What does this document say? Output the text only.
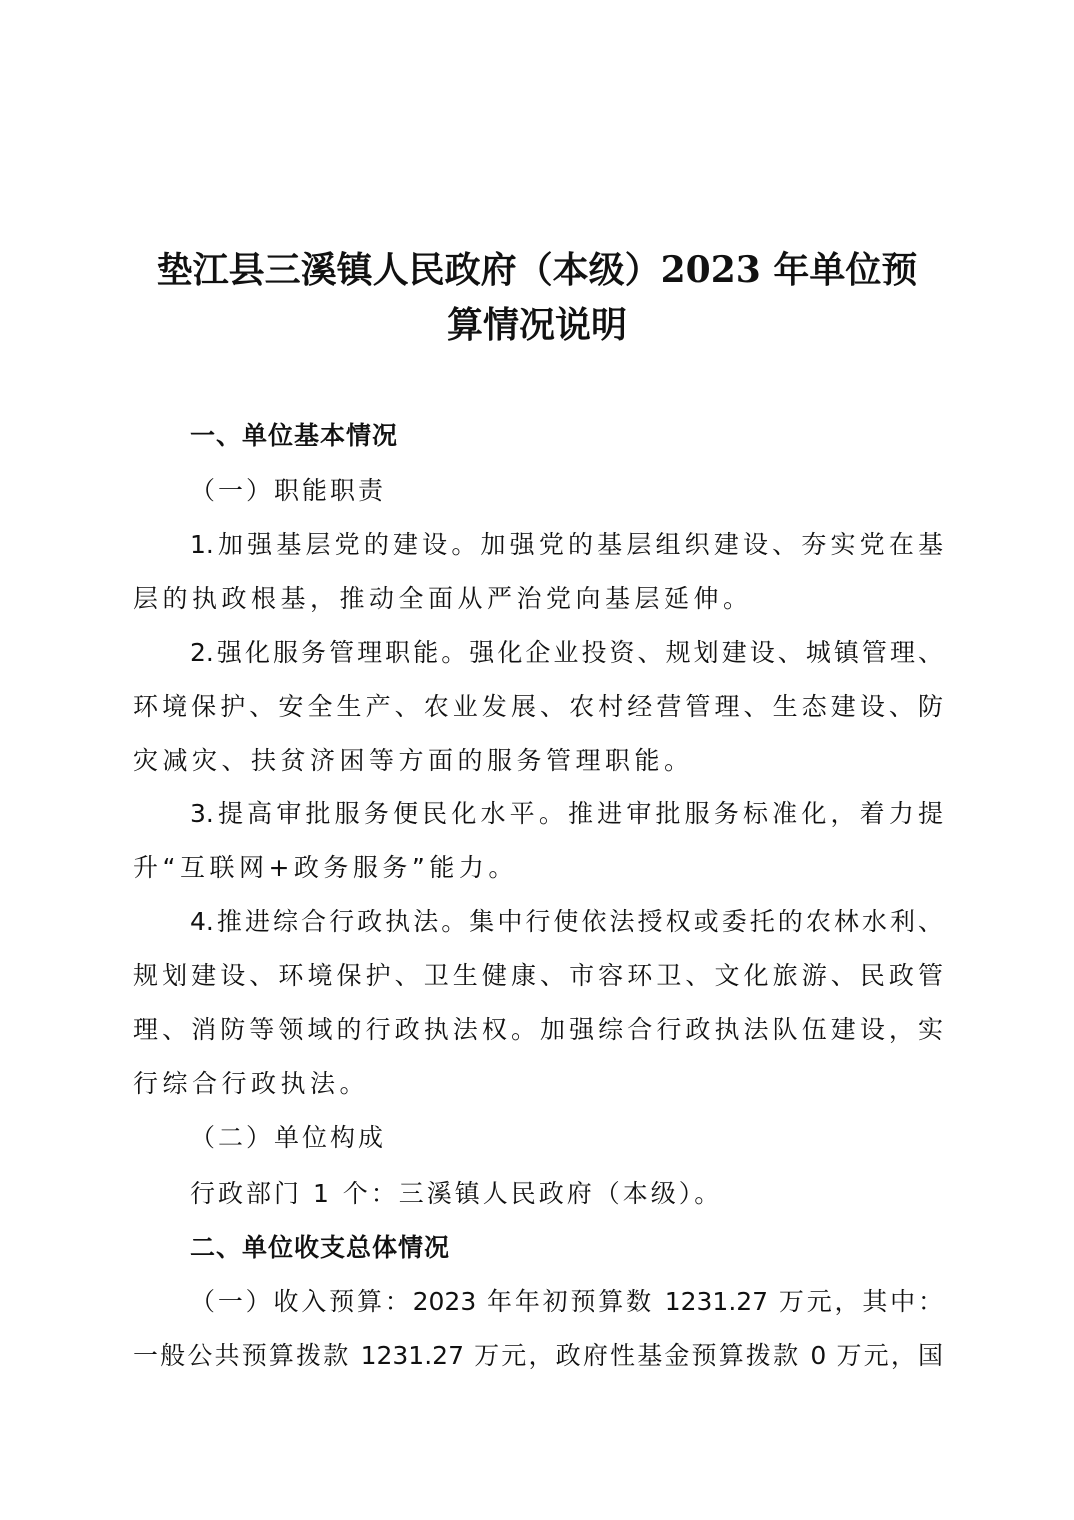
垫江县三溪镇人民政府（本级）2023 年单位预
算情况说明

一、单位基本情况

（一）职能职责

1.加强基层党的建设。加强党的基层组织建设、夯实党在基

层的执政根基，推动全面从严治党向基层延伸。

2.强化服务管理职能。强化企业投资、规划建设、城镇管理、

环境保护、安全生产、农业发展、农村经营管理、生态建设、防

灾减灾、扶贫济困等方面的服务管理职能。

3.提高审批服务便民化水平。推进审批服务标准化，着力提

升“互联网+政务服务”能力。

4.推进综合行政执法。集中行使依法授权或委托的农林水利、

规划建设、环境保护、卫生健康、市容环卫、文化旅游、民政管

理、消防等领域的行政执法权。加强综合行政执法队伍建设，实

行综合行政执法。

（二）单位构成

行政部门 1 个：三溪镇人民政府（本级）。

二、单位收支总体情况

（一）收入预算：2023 年年初预算数 1231.27 万元，其中：

一般公共预算拨款 1231.27 万元，政府性基金预算拨款 0 万元，国
